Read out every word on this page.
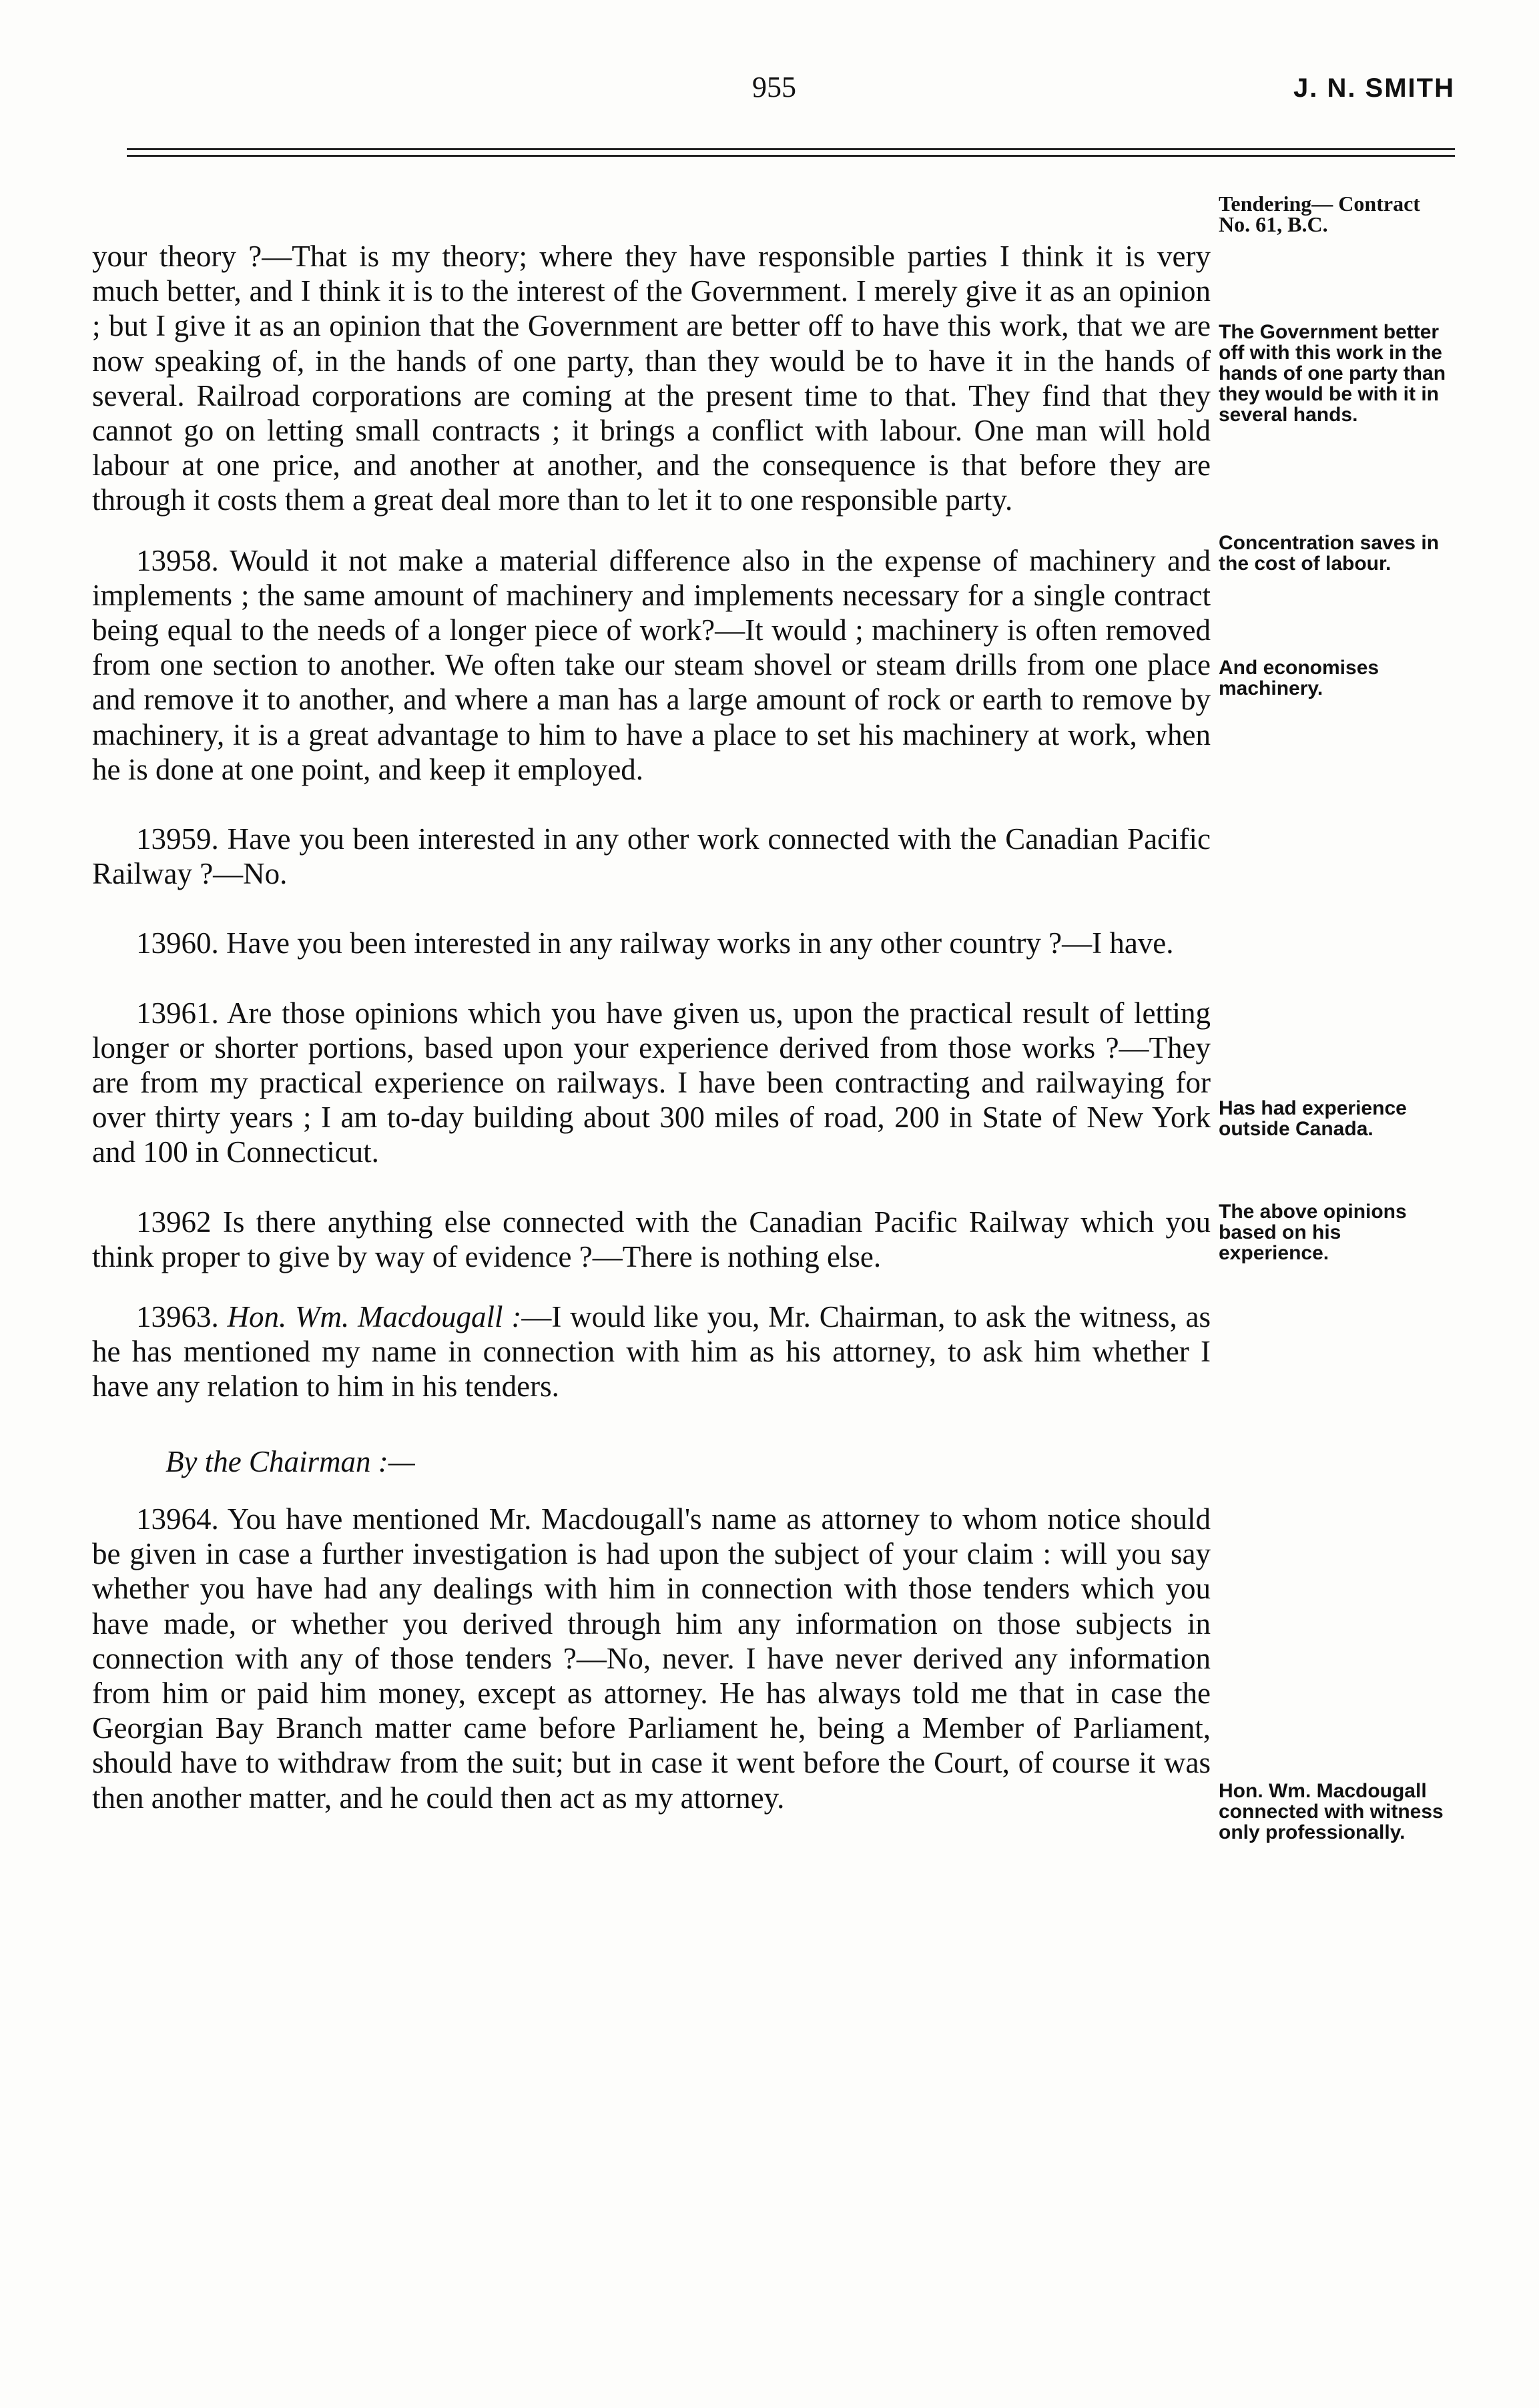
955	J. N. SMITH
Tendering— Contract No. 61, B.C.
The Government better off with this work in the hands of one party than they would be with it in several hands.
Concentration saves in the cost of labour.
And economises machinery.
Has had experience outside Canada.
The above opinions based on his experience.
Hon. Wm. Macdougall connected with witness only professionally.

your theory ?—That is my theory; where they have responsible parties I think it is very much better, and I think it is to the interest of the Government. I merely give it as an opinion ; but I give it as an opinion that the Government are better off to have this work, that we are now speaking of, in the hands of one party, than they would be to have it in the hands of several. Railroad corporations are coming at the present time to that. They find that they cannot go on letting small contracts ; it brings a conflict with labour. One man will hold labour at one price, and another at another, and the consequence is that before they are through it costs them a great deal more than to let it to one responsible party.

13958. Would it not make a material difference also in the expense of machinery and implements ; the same amount of machinery and implements necessary for a single contract being equal to the needs of a longer piece of work?—It would ; machinery is often removed from one section to another. We often take our steam shovel or steam drills from one place and remove it to another, and where a man has a large amount of rock or earth to remove by machinery, it is a great advantage to him to have a place to set his machinery at work, when he is done at one point, and keep it employed.

13959. Have you been interested in any other work connected with the Canadian Pacific Railway ?—No.

13960. Have you been interested in any railway works in any other country ?—I have.

13961. Are those opinions which you have given us, upon the practical result of letting longer or shorter portions, based upon your experience derived from those works ?—They are from my practical experience on railways. I have been contracting and railwaying for over thirty years ; I am to-day building about 300 miles of road, 200 in State of New York and 100 in Connecticut.

13962 Is there anything else connected with the Canadian Pacific Railway which you think proper to give by way of evidence ?—There is nothing else.

13963. Hon. Wm. Macdougall :—I would like you, Mr. Chairman, to ask the witness, as he has mentioned my name in connection with him as his attorney, to ask him whether I have any relation to him in his tenders.

By the Chairman :—

13964. You have mentioned Mr. Macdougall's name as attorney to whom notice should be given in case a further investigation is had upon the subject of your claim : will you say whether you have had any dealings with him in connection with those tenders which you have made, or whether you derived through him any information on those subjects in connection with any of those tenders ?—No, never. I have never derived any information from him or paid him money, except as attorney. He has always told me that in case the Georgian Bay Branch matter came before Parliament he, being a Member of Parliament, should have to withdraw from the suit; but in case it went before the Court, of course it was then another matter, and he could then act as my attorney.
